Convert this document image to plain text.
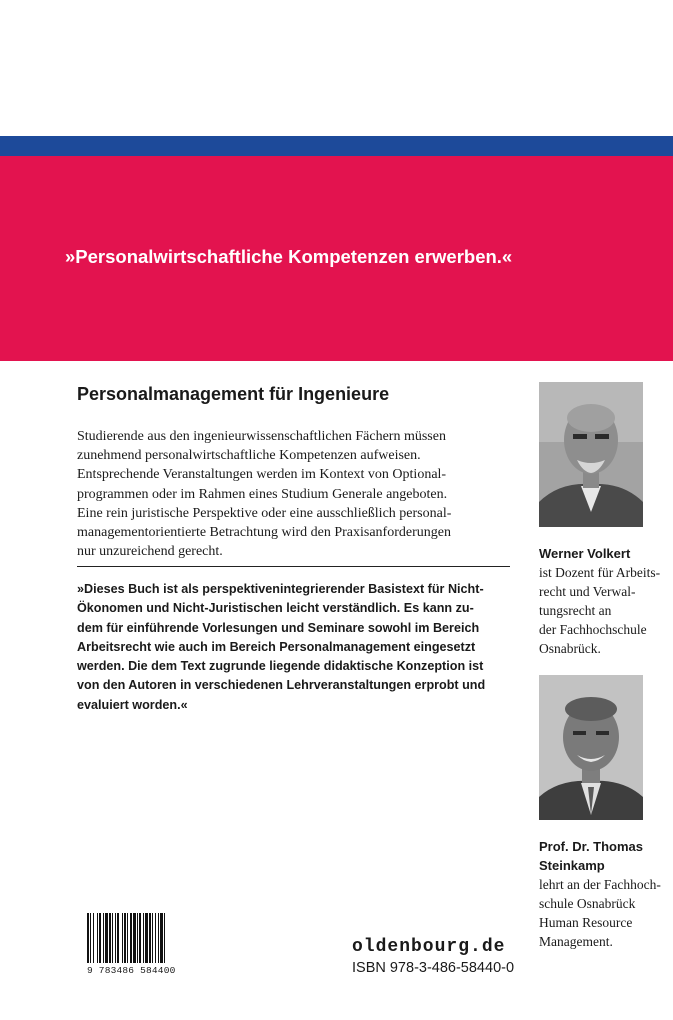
»Personalwirtschaftliche Kompetenzen erwerben.«
Personalmanagement für Ingenieure
Studierende aus den ingenieurwissenschaftlichen Fächern müssen
zunehmend personalwirtschaftliche Kompetenzen aufweisen.
Entsprechende Veranstaltungen werden im Kontext von Optional-
programmen oder im Rahmen eines Studium Generale angeboten.
Eine rein juristische Perspektive oder eine ausschließlich personal-
managementorientierte Betrachtung wird den Praxisanforderungen
nur unzureichend gerecht.
»Dieses Buch ist als perspektivenintegrierender Basistext für Nicht-
Ökonomen und Nicht-Juristischen leicht verständlich. Es kann zu-
dem für einführende Vorlesungen und Seminare sowohl im Bereich
Arbeitsrecht wie auch im Bereich Personalmanagement eingesetzt
werden. Die dem Text zugrunde liegende didaktische Konzeption ist
von den Autoren in verschiedenen Lehrveranstaltungen erprobt und
evaluiert worden.«
Werner Volkert
ist Dozent für Arbeits-
recht und Verwal-
tungsrecht an
der Fachhochschule
Osnabrück.
Prof. Dr. Thomas
Steinkamp
lehrt an der Fachhoch-
schule Osnabrück
Human Resource
Management.
9 783486 584400
oldenbourg.de
ISBN 978-3-486-58440-0
